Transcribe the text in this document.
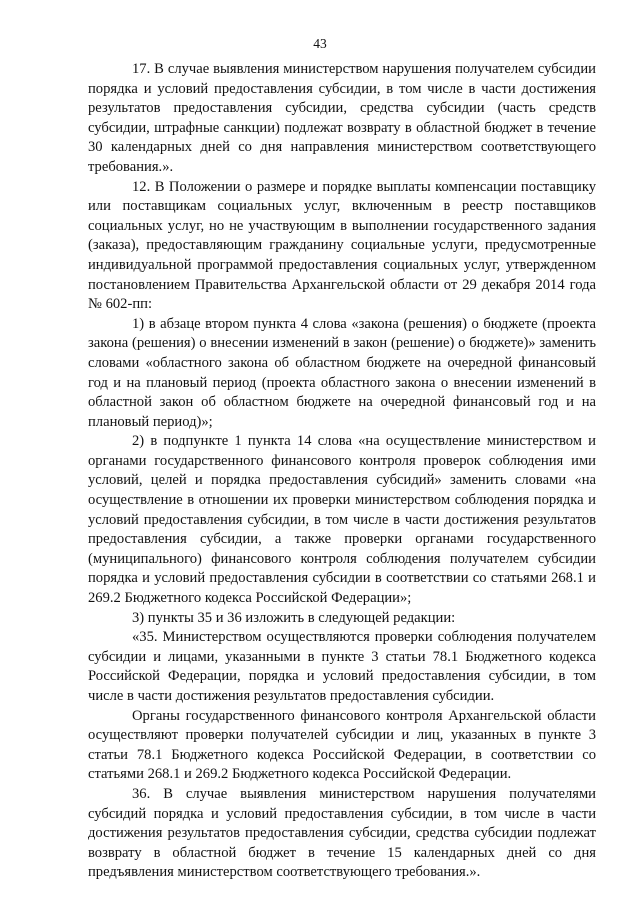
43

17. В случае выявления министерством нарушения получателем субсидии порядка и условий предоставления субсидии, в том числе в части достижения результатов предоставления субсидии, средства субсидии (часть средств субсидии, штрафные санкции) подлежат возврату в областной бюджет в течение 30 календарных дней со дня направления министерством соответствующего требования.».

12. В Положении о размере и порядке выплаты компенсации поставщику или поставщикам социальных услуг, включенным в реестр поставщиков социальных услуг, но не участвующим в выполнении государственного задания (заказа), предоставляющим гражданину социальные услуги, предусмотренные индивидуальной программой предоставления социальных услуг, утвержденном постановлением Правительства Архангельской области от 29 декабря 2014 года № 602-пп:

1) в абзаце втором пункта 4 слова «закона (решения) о бюджете (проекта закона (решения) о внесении изменений в закон (решение) о бюджете)» заменить словами «областного закона об областном бюджете на очередной финансовый год и на плановый период (проекта областного закона о внесении изменений в областной закон об областном бюджете на очередной финансовый год и на плановый период)»;

2) в подпункте 1 пункта 14 слова «на осуществление министерством и органами государственного финансового контроля проверок соблюдения ими условий, целей и порядка предоставления субсидий» заменить словами «на осуществление в отношении их проверки министерством соблюдения порядка и условий предоставления субсидии, в том числе в части достижения результатов предоставления субсидии, а также проверки органами государственного (муниципального) финансового контроля соблюдения получателем субсидии порядка и условий предоставления субсидии в соответствии со статьями 268.1 и 269.2 Бюджетного кодекса Российской Федерации»;

3) пункты 35 и 36 изложить в следующей редакции:

«35. Министерством осуществляются проверки соблюдения получателем субсидии и лицами, указанными в пункте 3 статьи 78.1 Бюджетного кодекса Российской Федерации, порядка и условий предоставления субсидии, в том числе в части достижения результатов предоставления субсидии.

Органы государственного финансового контроля Архангельской области осуществляют проверки получателей субсидии и лиц, указанных в пункте 3 статьи 78.1 Бюджетного кодекса Российской Федерации, в соответствии со статьями 268.1 и 269.2 Бюджетного кодекса Российской Федерации.

36. В случае выявления министерством нарушения получателями субсидий порядка и условий предоставления субсидии, в том числе в части достижения результатов предоставления субсидии, средства субсидии подлежат возврату в областной бюджет в течение 15 календарных дней со дня предъявления министерством соответствующего требования.».
